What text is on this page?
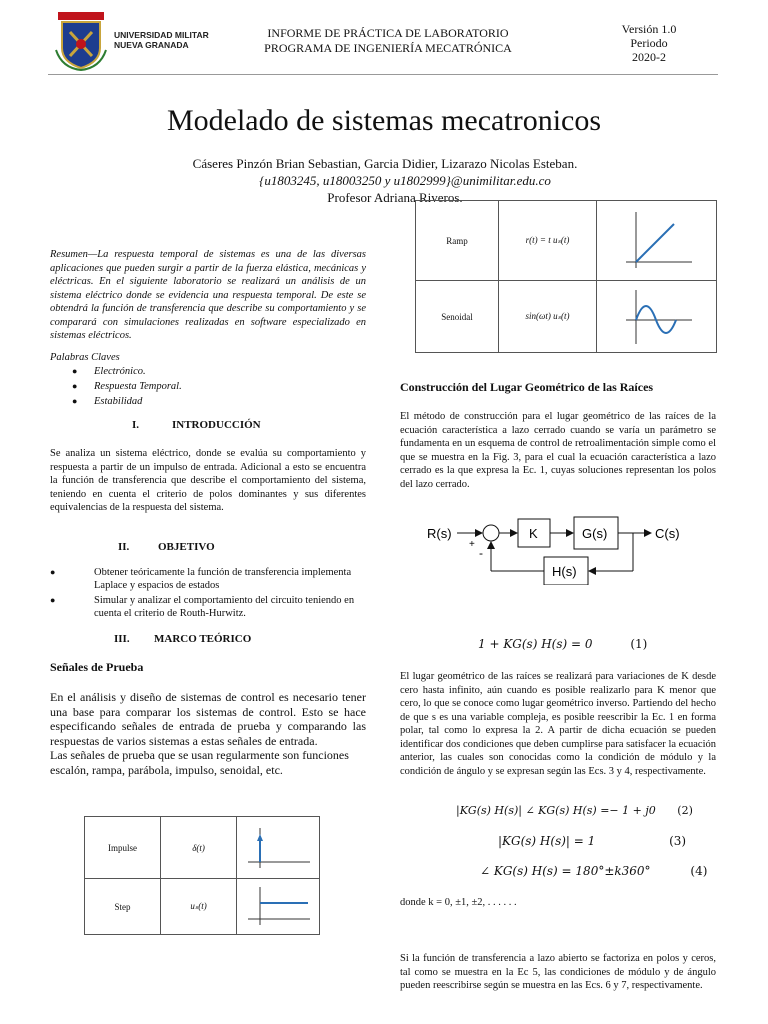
UNIVERSIDAD MILITAR
NUEVA GRANADA
INFORME DE PRÁCTICA DE LABORATORIO
PROGRAMA DE INGENIERÍA MECATRÓNICA
Versión 1.0
Periodo
2020-2
Modelado de sistemas mecatronicos
Cáseres Pinzón Brian Sebastian, Garcia Didier, Lizarazo Nicolas Esteban.
{u1803245, u18003250 y u1802999}@unimilitar.edu.co
Profesor Adriana Riveros.
Resumen—La respuesta temporal de sistemas es una de las diversas aplicaciones que pueden surgir a partir de la fuerza elástica, mecánicas y eléctricas. En el siguiente laboratorio se realizará un análisis de un sistema eléctrico donde se evidencia una respuesta temporal. De este se obtendrá la función de transferencia que describe su comportamiento y se comparará con simulaciones realizadas en software especializado en sistemas eléctricos.
Palabras Claves
● Electrónico.
● Respuesta Temporal.
● Estabilidad
I.	INTRODUCCIÓN
Se analiza un sistema eléctrico, donde se evalúa su comportamiento y respuesta a partir de un impulso de entrada. Adicional a esto se encuentra la función de transferencia que describe el comportamiento del sistema, teniendo en cuenta el criterio de polos dominantes y sus diferentes equivalencias de la respuesta del sistema.
II.	OBJETIVO
● Obtener teóricamente la función de transferencia implementa Laplace y espacios de estados
● Simular y analizar el comportamiento del circuito teniendo en cuenta el criterio de Routh-Hurwitz.
III. MARCO TEÓRICO
Señales de Prueba
En el análisis y diseño de sistemas de control es necesario tener una base para comparar los sistemas de control. Esto se hace especificando señales de entrada de prueba y comparando las respuestas de varios sistemas a estas señales de entrada.
Las señales de prueba que se usan regularmente son funciones escalón, rampa, parábola, impulso, senoidal, etc.
Impulse	δ(t)	
Step	uₛ(t)	
Ramp	r(t) = t uₛ(t)	
Senoidal	sin(ωt) uₛ(t)	
Construcción del Lugar Geométrico de las Raíces
El método de construcción para el lugar geométrico de las raíces de la ecuación característica a lazo cerrado cuando se varía un parámetro se fundamenta en un esquema de control de retroalimentación simple como el que se muestra en la Fig. 3, para el cual la ecuación característica a lazo cerrado es la que expresa la Ec. 1, cuyas soluciones representan los polos del lazo cerrado.
R(s)
+
-
K	G(s)	C(s)
H(s)
1 + KG(s) H(s) = 0	(1)
El lugar geométrico de las raíces se realizará para variaciones de K desde cero hasta infinito, aún cuando es posible realizarlo para K menor que cero, lo que se conoce como lugar geométrico inverso. Partiendo del hecho de que s es una variable compleja, es posible reescribir la Ec. 1 en forma polar, tal como lo expresa la 2. A partir de dicha ecuación se pueden identificar dos condiciones que deben cumplirse para satisfacer la ecuación anterior, las cuales son conocidas como la condición de módulo y la condición de ángulo y se expresan según las Ecs. 3 y 4, respectivamente.
|KG(s) H(s)| ∠ KG(s) H(s) =− 1 + j0 (2)
|KG(s) H(s)| = 1	(3)
∠ KG(s) H(s) = 180°±k360°	(4)
donde k = 0, ±1, ±2, . . . . . .
Si la función de transferencia a lazo abierto se factoriza en polos y ceros, tal como se muestra en la Ec 5, las condiciones de módulo y de ángulo pueden reescribirse según se muestra en las Ecs. 6 y 7, respectivamente.
